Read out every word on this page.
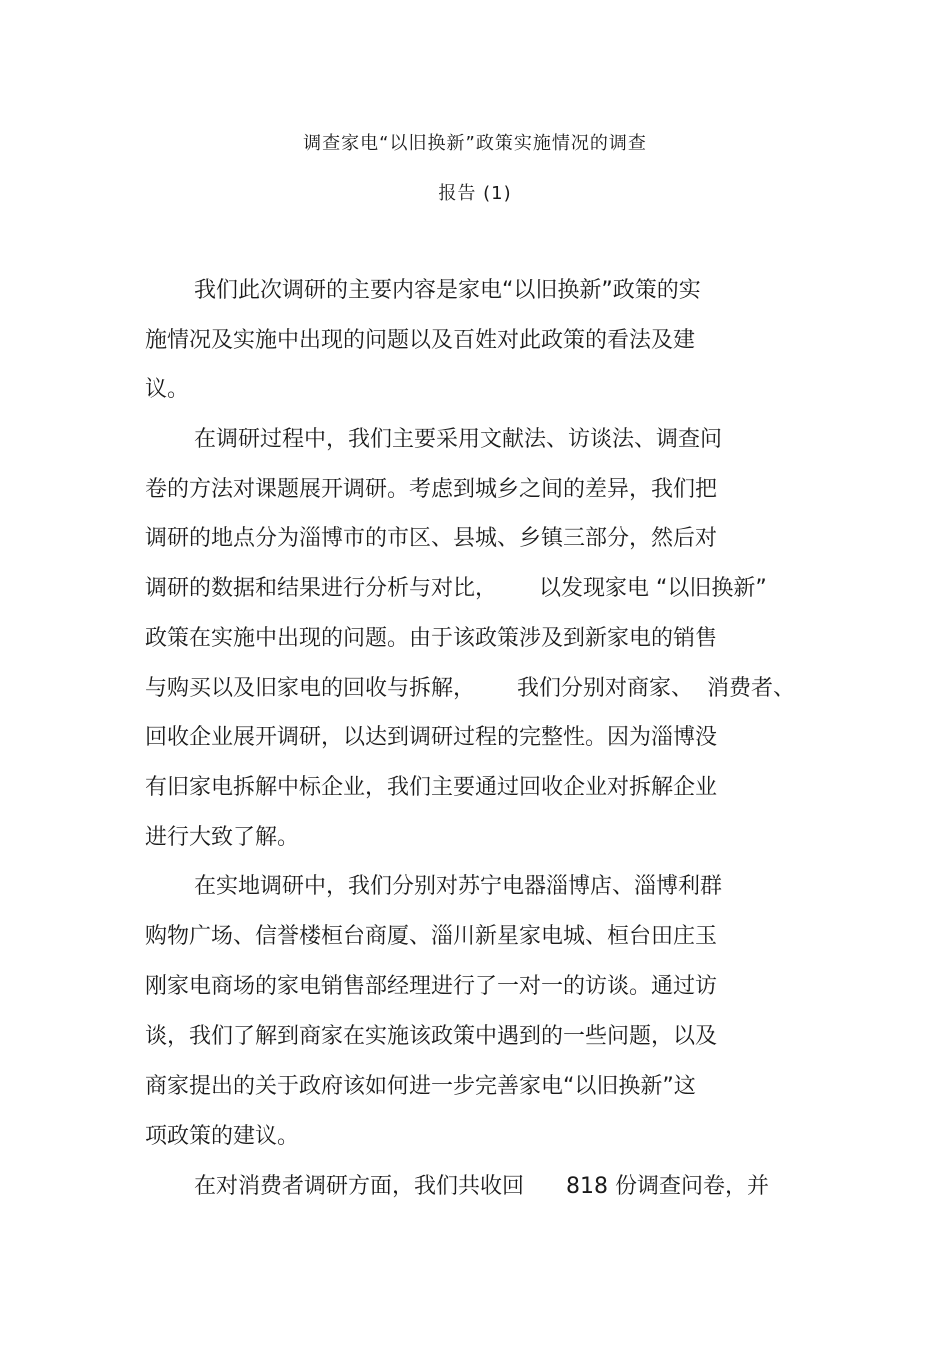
调查家电“以旧换新”政策实施情况的调查
报告 (1)
我们此次调研的主要内容是家电“以旧换新”政策的实
施情况及实施中出现的问题以及百姓对此政策的看法及建
议。
在调研过程中，我们主要采用文献法、访谈法、调查问
卷的方法对课题展开调研。考虑到城乡之间的差异，我们把
调研的地点分为淄博市的市区、县城、乡镇三部分，然后对
调研的数据和结果进行分析与对比，      以发现家电 “以旧换新”
政策在实施中出现的问题。由于该政策涉及到新家电的销售
与购买以及旧家电的回收与拆解，      我们分别对商家、  消费者、
回收企业展开调研，以达到调研过程的完整性。因为淄博没
有旧家电拆解中标企业，我们主要通过回收企业对拆解企业
进行大致了解。
在实地调研中，我们分别对苏宁电器淄博店、淄博利群
购物广场、信誉楼桓台商厦、淄川新星家电城、桓台田庄玉
刚家电商场的家电销售部经理进行了一对一的访谈。通过访
谈，我们了解到商家在实施该政策中遇到的一些问题，以及
商家提出的关于政府该如何进一步完善家电“以旧换新”这
项政策的建议。
在对消费者调研方面，我们共收回      818 份调查问卷，并
